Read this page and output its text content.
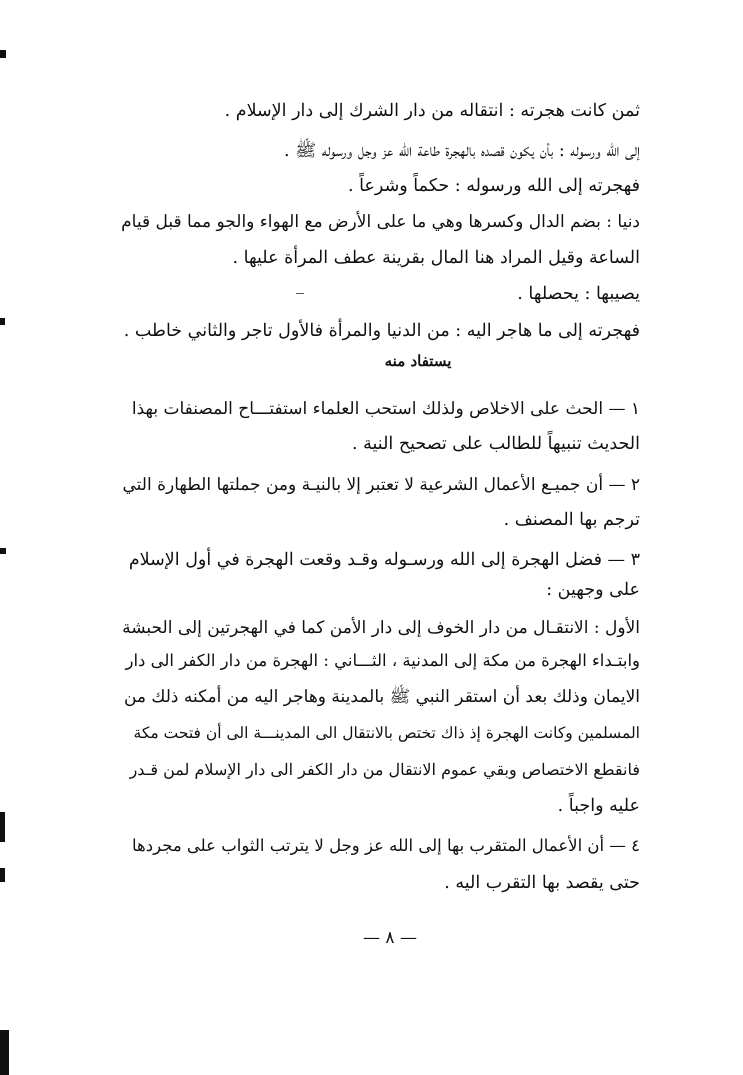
ثمن كانت هجرته : انتقاله من دار الشرك إلى دار الإسلام .
إلى الله ورسوله : بأن يكون قصده بالهجرة طاعة الله عز وجل ورسوله ﷺ .
فهجرته إلى الله ورسوله : حكماً وشرعاً .
دنيا : بضم الدال وكسرها وهي ما على الأرض مع الهواء والجو مما قبل قيام
الساعة وقيل المراد هنا المال بقرينة عطف المرأة عليها .
يصيبها : يحصلها .
فهجرته إلى ما هاجر اليه : من الدنيا والمرأة فالأول تاجر والثاني خاطب .
يستفاد منه
١ — الحث على الاخلاص ولذلك استحب العلماء استفتـــاح المصنفات بهذا
الحديث تنبيهاً للطالب على تصحيح النية .
٢ — أن جميـع الأعمال الشرعية لا تعتبر إلا بالنيـة ومن جملتها الطهارة التي
ترجم بها المصنف .
٣ — فضل الهجرة إلى الله ورسـوله وقـد وقعت الهجرة في أول الإسلام
على وجهين :
الأول : الانتقـال من دار الخوف إلى دار الأمن كما في الهجرتين إلى الحبشة
وابتـداء الهجرة من مكة إلى المدنية ، الثـــاني : الهجرة من دار الكفر الى دار
الايمان وذلك بعد أن استقر النبي ﷺ بالمدينة وهاجر اليه من أمكنه ذلك من
المسلمين وكانت الهجرة إذ ذاك تختص بالانتقال الى المدينـــة الى أن فتحت مكة
فانقطع الاختصاص وبقي عموم الانتقال من دار الكفر الى دار الإسلام لمن قـدر
عليه واجباً .
٤ — أن الأعمال المتقرب بها إلى الله عز وجل لا يترتب الثواب على مجردها
حتى يقصد بها التقرب اليه .
— ٨ —
